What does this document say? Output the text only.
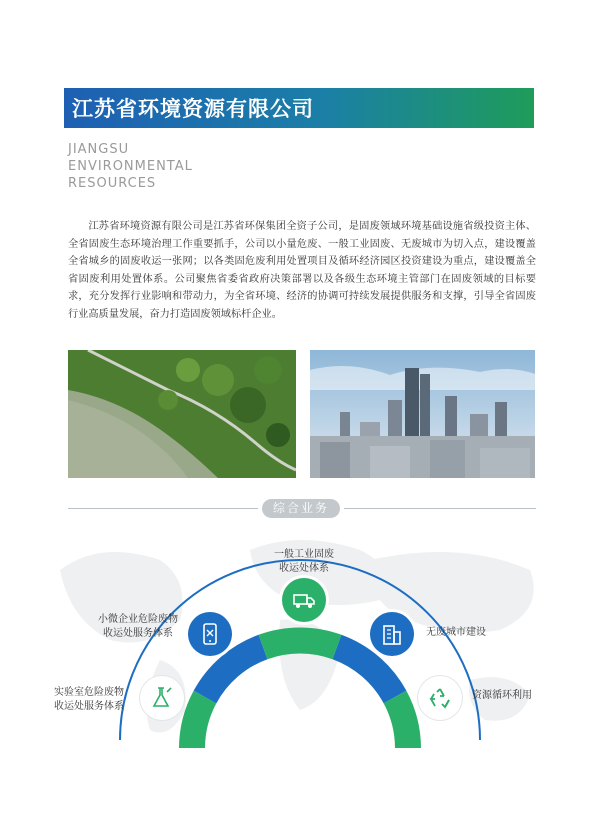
江苏省环境资源有限公司
JIANGSU
ENVIRONMENTAL
RESOURCES

江苏省环境资源有限公司是江苏省环保集团全资子公司，是固废领域环境基础设施省级投资主体、全省固废生态环境治理工作重要抓手，公司以小量危废、一般工业固废、无废城市为切入点，建设覆盖全省城乡的固废收运一张网；以各类固危废利用处置项目及循环经济园区投资建设为重点，建设覆盖全省固废利用处置体系。公司聚焦省委省政府决策部署以及各级生态环境主管部门在固废领域的目标要求，充分发挥行业影响和带动力，为全省环境、经济的协调可持续发展提供服务和支撑，引导全省固废行业高质量发展，奋力打造固废领域标杆企业。

综合业务
一般工业固废
收运处体系
小微企业危险废物
收运处服务体系	无废城市建设
实验室危险废物
收运处服务体系
资源循环利用
